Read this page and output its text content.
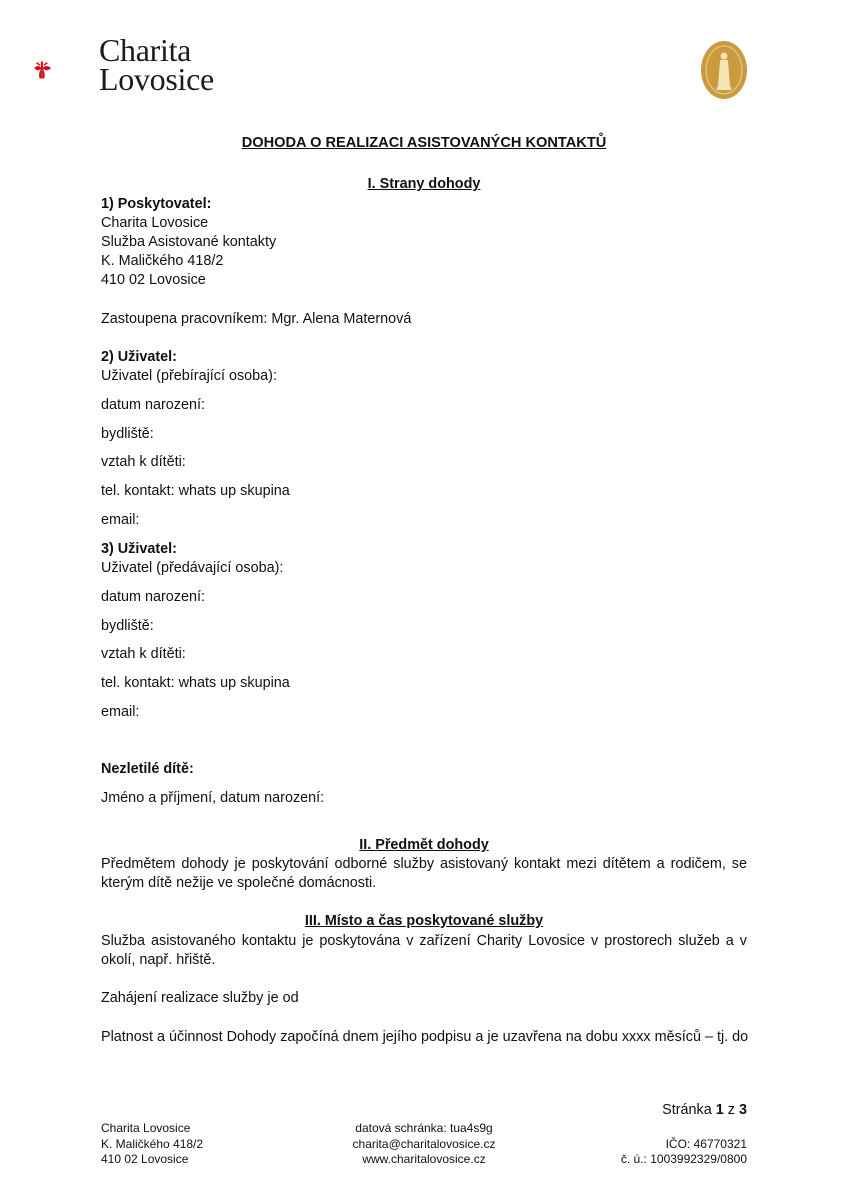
Charita
Lovosice
DOHODA O REALIZACI ASISTOVANÝCH KONTAKTŮ
I. Strany dohody
1) Poskytovatel:
Charita Lovosice
Služba Asistované kontakty
K. Maličkého 418/2
410 02 Lovosice
Zastoupena pracovníkem: Mgr. Alena Maternová
2) Uživatel:
Uživatel (přebírající osoba):
datum narození:
bydliště:
vztah k dítěti:
tel. kontakt: whats up skupina
email:
3) Uživatel:
Uživatel (předávající osoba):
datum narození:
bydliště:
vztah k dítěti:
tel. kontakt: whats up skupina
email:
Nezletilé dítě:
Jméno a příjmení, datum narození:
II. Předmět dohody
Předmětem dohody je poskytování odborné služby asistovaný kontakt mezi dítětem a rodičem, se kterým dítě nežije ve společné domácnosti.
III. Místo a čas poskytované služby
Služba asistovaného kontaktu je poskytována v zařízení Charity Lovosice v prostorech služeb a v okolí, např. hřiště.
Zahájení realizace služby je od
Platnost a účinnost Dohody započíná dnem jejího podpisu a je uzavřena na dobu xxxx měsíců – tj. do
Stránka 1 z 3
Charita Lovosice
K. Maličkého 418/2
410 02 Lovosice
datová schránka: tua4s9g
charita@charitalovosice.cz
www.charitalovosice.cz
IČO: 46770321
č. ú.: 1003992329/0800
